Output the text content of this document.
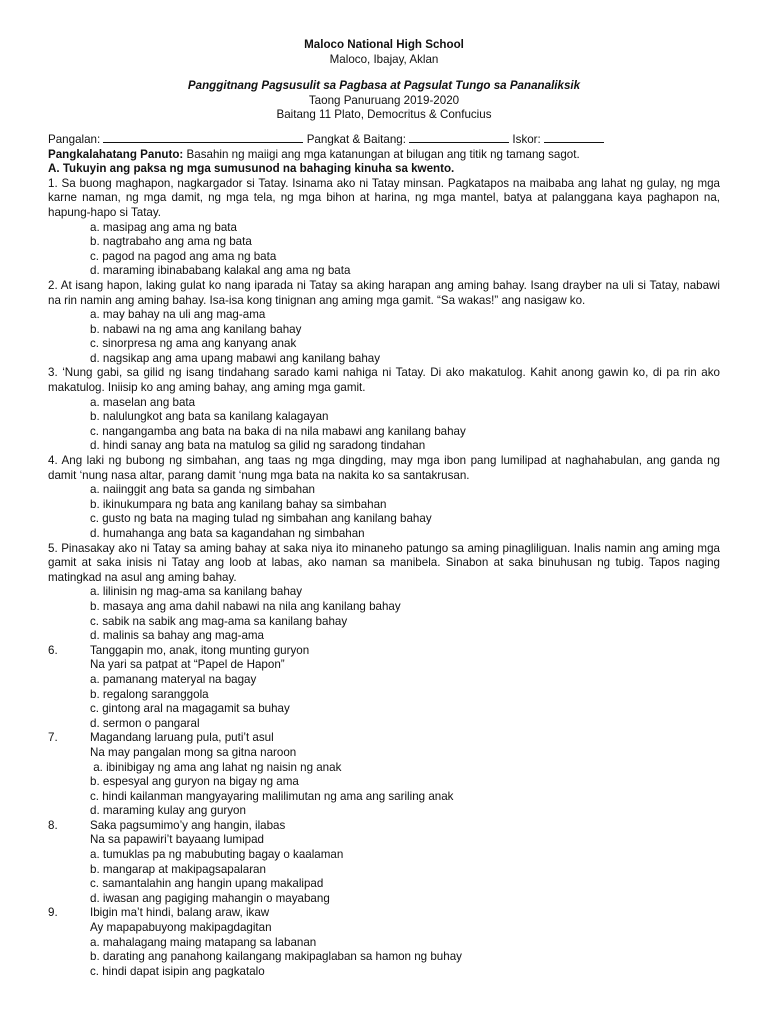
Maloco National High School
Maloco, Ibajay, Aklan
Panggitnang Pagsusulit sa Pagbasa at Pagsulat Tungo sa Pananaliksik
Taong Panuruang 2019-2020
Baitang 11 Plato, Democritus & Confucius
Pangalan:	Pangkat & Baitang:	Iskor:
Pangkalahatang Panuto: Basahin ng maiigi ang mga katanungan at bilugan ang titik ng tamang sagot.
A. Tukuyin ang paksa ng mga sumusunod na bahaging kinuha sa kwento.
1. Sa buong maghapon, nagkargador si Tatay. Isinama ako ni Tatay minsan. Pagkatapos na maibaba ang lahat ng gulay, ng mga karne naman, ng mga damit, ng mga tela, ng mga bihon at harina, ng mga mantel, batya at palanggana kaya paghapon na, hapung-hapo si Tatay.
a. masipag ang ama ng bata
b. nagtrabaho ang ama ng bata
c. pagod na pagod ang ama ng bata
d. maraming ibinababang kalakal ang ama ng bata
2. At isang hapon, laking gulat ko nang iparada ni Tatay sa aking harapan ang aming bahay. Isang drayber na uli si Tatay, nabawi na rin namin ang aming bahay. Isa-isa kong tinignan ang aming mga gamit. “Sa wakas!” ang nasigaw ko.
a. may bahay na uli ang mag-ama
b. nabawi na ng ama ang kanilang bahay
c. sinorpresa ng ama ang kanyang anak
d. nagsikap ang ama upang mabawi ang kanilang bahay
3. ‘Nung gabi, sa gilid ng isang tindahang sarado kami nahiga ni Tatay. Di ako makatulog. Kahit anong gawin ko, di pa rin ako makatulog. Iniisip ko ang aming bahay, ang aming mga gamit.
a. maselan ang bata
b. nalulungkot ang bata sa kanilang kalagayan
c. nangangamba ang bata na baka di na nila mabawi ang kanilang bahay
d. hindi sanay ang bata na matulog sa gilid ng saradong tindahan
4. Ang laki ng bubong ng simbahan, ang taas ng mga dingding, may mga ibon pang lumilipad at naghahabulan, ang ganda ng damit ‘nung nasa altar, parang damit ‘nung mga bata na nakita ko sa santakrusan.
a. naiinggit ang bata sa ganda ng simbahan
b. ikinukumpara ng bata ang kanilang bahay sa simbahan
c. gusto ng bata na maging tulad ng simbahan ang kanilang bahay
d. humahanga ang bata sa kagandahan ng simbahan
5. Pinasakay ako ni Tatay sa aming bahay at saka niya ito minaneho patungo sa aming pinagliliguan. Inalis namin ang aming mga gamit at saka inisis ni Tatay ang loob at labas, ako naman sa manibela. Sinabon at saka binuhusan ng tubig. Tapos naging matingkad na asul ang aming bahay.
a. lilinisin ng mag-ama sa kanilang bahay
b. masaya ang ama dahil nabawi na nila ang kanilang bahay
c. sabik na sabik ang mag-ama sa kanilang bahay
d. malinis sa bahay ang mag-ama
6.	Tanggapin mo, anak, itong munting guryon
Na yari sa patpat at “Papel de Hapon”
a. pamanang materyal na bagay
b. regalong saranggola
c. gintong aral na magagamit sa buhay
d. sermon o pangaral
7.	Magandang laruang pula, puti’t asul
Na may pangalan mong sa gitna naroon
a. ibinibigay ng ama ang lahat ng naisin ng anak
b. espesyal ang guryon na bigay ng ama
c. hindi kailanman mangyayaring malilimutan ng ama ang sariling anak
d. maraming kulay ang guryon
8.	Saka pagsumimo’y ang hangin, ilabas
Na sa papawiri’t bayaang lumipad
a. tumuklas pa ng mabubuting bagay o kaalaman
b. mangarap at makipagsapalaran
c. samantalahin ang hangin upang makalipad
d. iwasan ang pagiging mahangin o mayabang
9.	Ibigin ma’t hindi, balang araw, ikaw
Ay mapapabuyong makipagdagitan
a. mahalagang maing matapang sa labanan
b. darating ang panahong kailangang makipaglaban sa hamon ng buhay
c. hindi dapat isipin ang pagkatalo
